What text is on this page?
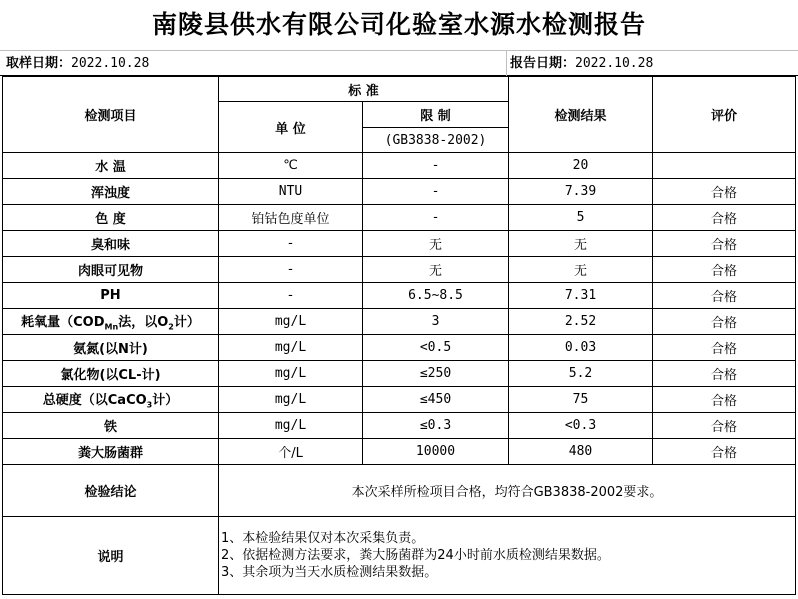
南陵县供水有限公司化验室水源水检测报告
取样日期：2022.10.28	报告日期：2022.10.28
检测项目	标 准		检测结果	评价
	单 位	限 制		
		(GB3838-2002)		
水 温	℃	-	20	
浑浊度	NTU	-	7.39	合格
色 度	铂钴色度单位	-	5	合格
臭和味	-	无	无	合格
肉眼可见物	-	无	无	合格
PH	-	6.5~8.5	7.31	合格
耗氧量（$COD_{Mn}$法，以$O_2$计）	mg/L	3	2.52	合格
氨氮(以N计)	mg/L	<0.5	0.03	合格
氯化物(以CL-计)	mg/L	≤250	5.2	合格
总硬度（以CaCO$_3$计）	mg/L	≤450	75	合格
铁	mg/L	≤0.3	<0.3	合格
粪大肠菌群	个/L	10000	480	合格
检验结论	本次采样所检项目合格，均符合GB3838-2002要求。			
说明	1、本检验结果仅对本次采集负责。
2、依据检测方法要求，粪大肠菌群为24小时前水质检测结果数据。
3、其余项为当天水质检测结果数据。			
